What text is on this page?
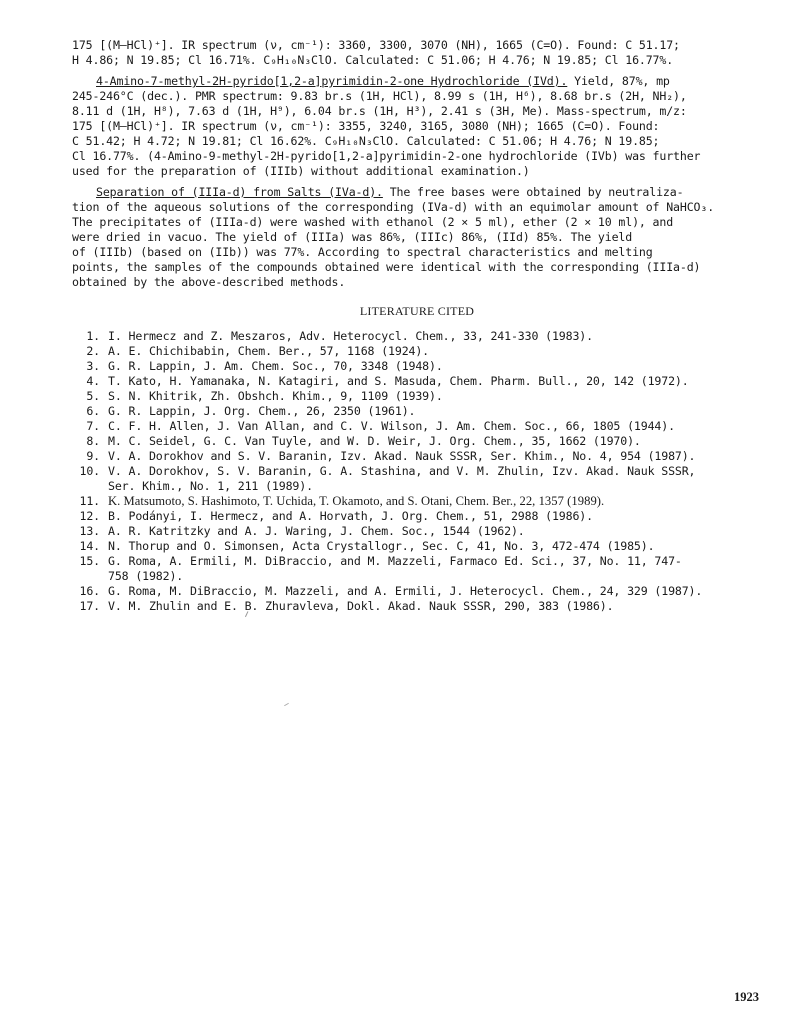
175 [(M–HCl)⁺]. IR spectrum (ν, cm⁻¹): 3360, 3300, 3070 (NH), 1665 (C=O). Found: C 51.17;

H 4.86; N 19.85; Cl 16.71%. C₉H₁₀N₃ClO. Calculated: C 51.06; H 4.76; N 19.85; Cl 16.77%.

4-Amino-7-methyl-2H-pyrido[1,2-a]pyrimidin-2-one Hydrochloride (IVd). Yield, 87%, mp

245-246°C (dec.). PMR spectrum: 9.83 br.s (1H, HCl), 8.99 s (1H, H⁶), 8.68 br.s (2H, NH₂),

8.11 d (1H, H⁸), 7.63 d (1H, H⁹), 6.04 br.s (1H, H³), 2.41 s (3H, Me). Mass-spectrum, m/z:

175 [(M–HCl)⁺]. IR spectrum (ν, cm⁻¹): 3355, 3240, 3165, 3080 (NH); 1665 (C=O). Found:

C 51.42; H 4.72; N 19.81; Cl 16.62%. C₉H₁₀N₃ClO. Calculated: C 51.06; H 4.76; N 19.85;

Cl 16.77%. (4-Amino-9-methyl-2H-pyrido[1,2-a]pyrimidin-2-one hydrochloride (IVb) was further

used for the preparation of (IIIb) without additional examination.)

Separation of (IIIa-d) from Salts (IVa-d). The free bases were obtained by neutraliza-

tion of the aqueous solutions of the corresponding (IVa-d) with an equimolar amount of NaHCO₃.

The precipitates of (IIIa-d) were washed with ethanol (2 × 5 ml), ether (2 × 10 ml), and

were dried in vacuo. The yield of (IIIa) was 86%, (IIIc) 86%, (IId) 85%. The yield

of (IIIb) (based on (IIb)) was 77%. According to spectral characteristics and melting

points, the samples of the compounds obtained were identical with the corresponding (IIIa-d)

obtained by the above-described methods.

LITERATURE CITED
1. I. Hermecz and Z. Meszaros, Adv. Heterocycl. Chem., 33, 241-330 (1983).
2. A. E. Chichibabin, Chem. Ber., 57, 1168 (1924).
3. G. R. Lappin, J. Am. Chem. Soc., 70, 3348 (1948).
4. T. Kato, H. Yamanaka, N. Katagiri, and S. Masuda, Chem. Pharm. Bull., 20, 142 (1972).
5. S. N. Khitrik, Zh. Obshch. Khim., 9, 1109 (1939).
6. G. R. Lappin, J. Org. Chem., 26, 2350 (1961).
7. C. F. H. Allen, J. Van Allan, and C. V. Wilson, J. Am. Chem. Soc., 66, 1805 (1944).
8. M. C. Seidel, G. C. Van Tuyle, and W. D. Weir, J. Org. Chem., 35, 1662 (1970).
9. V. A. Dorokhov and S. V. Baranin, Izv. Akad. Nauk SSSR, Ser. Khim., No. 4, 954 (1987).
10. V. A. Dorokhov, S. V. Baranin, G. A. Stashina, and V. M. Zhulin, Izv. Akad. Nauk SSSR,
Ser. Khim., No. 1, 211 (1989).
11. K. Matsumoto, S. Hashimoto, T. Uchida, T. Okamoto, and S. Otani, Chem. Ber., 22, 1357 (1989).
12. B. Podányi, I. Hermecz, and A. Horvath, J. Org. Chem., 51, 2988 (1986).
13. A. R. Katritzky and A. J. Waring, J. Chem. Soc., 1544 (1962).
14. N. Thorup and O. Simonsen, Acta Crystallogr., Sec. C, 41, No. 3, 472-474 (1985).
15. G. Roma, A. Ermili, M. DiBraccio, and M. Mazzeli, Farmaco Ed. Sci., 37, No. 11, 747-
758 (1982).
16. G. Roma, M. DiBraccio, M. Mazzeli, and A. Ermili, J. Heterocycl. Chem., 24, 329 (1987).
17. V. M. Zhulin and E. B. Zhuravleva, Dokl. Akad. Nauk SSSR, 290, 383 (1986).
1923
